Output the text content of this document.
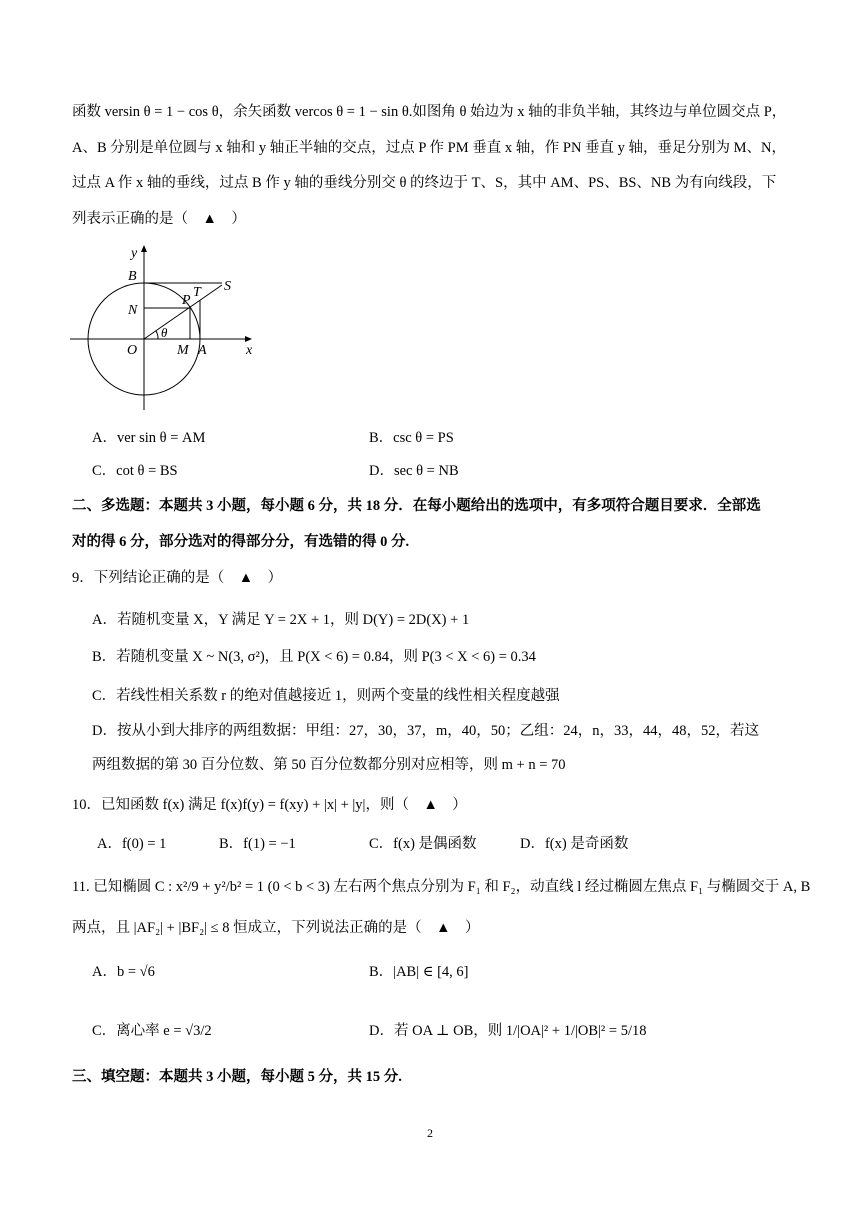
函数 versin θ = 1 − cos θ，余矢函数 vercos θ = 1 − sin θ.如图角 θ 始边为 x 轴的非负半轴，其终边与单位圆交点 P，
A、B 分别是单位圆与 x 轴和 y 轴正半轴的交点，过点 P 作 PM 垂直 x 轴，作 PN 垂直 y 轴，垂足分别为 M、N，
过点 A 作 x 轴的垂线，过点 B 作 y 轴的垂线分别交 θ 的终边于 T、S，其中 AM、PS、BS、NB 为有向线段，下
列表示正确的是（　▲　）
y
x
B
N
P
T S
O	M A
θ
A．ver sin θ = AM	B．csc θ = PS
C．cot θ = BS	D．sec θ = NB
二、多选题：本题共 3 小题，每小题 6 分，共 18 分．在每小题给出的选项中，有多项符合题目要求．全部选
对的得 6 分，部分选对的得部分分，有选错的得 0 分.
9．下列结论正确的是（　▲　）
A．若随机变量 X，Y 满足 Y = 2X + 1，则 D(Y) = 2D(X) + 1
B．若随机变量 X ~ N(3, σ²)，且 P(X < 6) = 0.84，则 P(3 < X < 6) = 0.34
C．若线性相关系数 r 的绝对值越接近 1，则两个变量的线性相关程度越强
D．按从小到大排序的两组数据：甲组：27，30，37，m，40，50；乙组：24，n，33，44，48，52，若这
两组数据的第 30 百分位数、第 50 百分位数都分别对应相等，则 m + n = 70
10．已知函数 f(x) 满足 f(x)f(y) = f(xy) + |x| + |y|，则（　▲　）
A．f(0) = 1	B．f(1) = −1	C．f(x) 是偶函数	D．f(x) 是奇函数
11. 已知椭圆 C : x²/9 + y²/b² = 1 (0 < b < 3) 左右两个焦点分别为 F₁ 和 F₂，动直线 l 经过椭圆左焦点 F₁ 与椭圆交于 A, B
两点，且 |AF₂| + |BF₂| ≤ 8 恒成立，下列说法正确的是（　▲　）
A．b = √6	B．|AB| ∈ [4, 6]
C．离心率 e = √3/2	D．若 OA ⊥ OB，则 1/|OA|² + 1/|OB|² = 5/18
三、填空题：本题共 3 小题，每小题 5 分，共 15 分.
2
